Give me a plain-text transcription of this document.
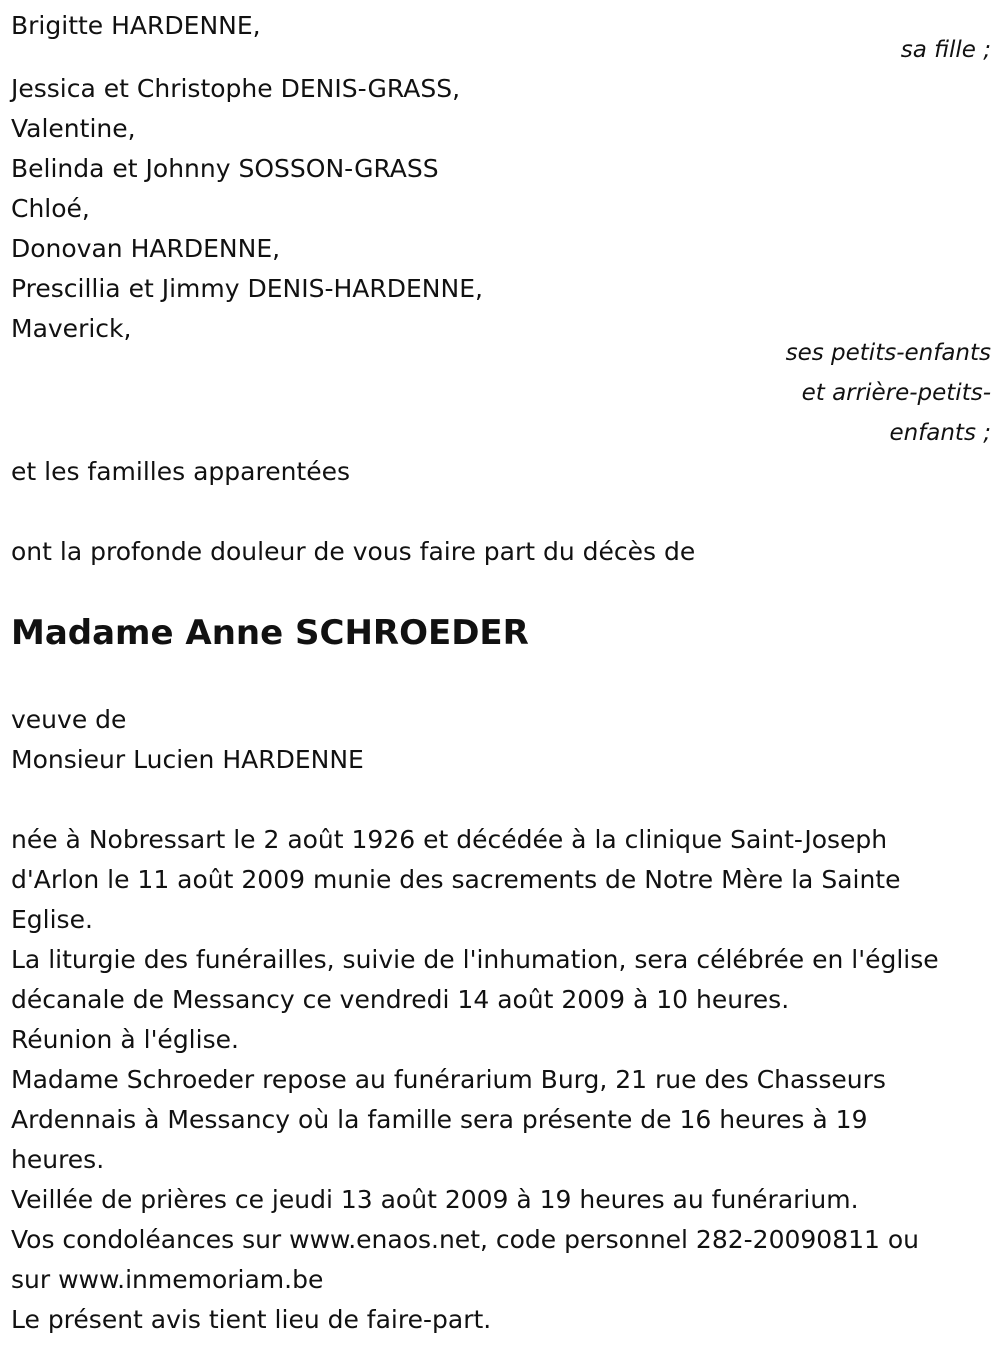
Brigitte HARDENNE,
sa fille ;
Jessica et Christophe DENIS-GRASS,
Valentine,
Belinda et Johnny SOSSON-GRASS
Chloé,
Donovan HARDENNE,
Prescillia et Jimmy DENIS-HARDENNE,
Maverick,
ses petits-enfants
et arrière-petits-
enfants ;
et les familles apparentées
ont la profonde douleur de vous faire part du décès de
Madame Anne SCHROEDER
veuve de
Monsieur Lucien HARDENNE
née à Nobressart le 2 août 1926 et décédée à la clinique Saint-Joseph
d'Arlon le 11 août 2009 munie des sacrements de Notre Mère la Sainte
Eglise.
La liturgie des funérailles, suivie de l'inhumation, sera célébrée en l'église
décanale de Messancy ce vendredi 14 août 2009 à 10 heures.
Réunion à l'église.
Madame Schroeder repose au funérarium Burg, 21 rue des Chasseurs
Ardennais à Messancy où la famille sera présente de 16 heures à 19
heures.
Veillée de prières ce jeudi 13 août 2009 à 19 heures au funérarium.
Vos condoléances sur www.enaos.net, code personnel 282-20090811 ou
sur www.inmemoriam.be
Le présent avis tient lieu de faire-part.
